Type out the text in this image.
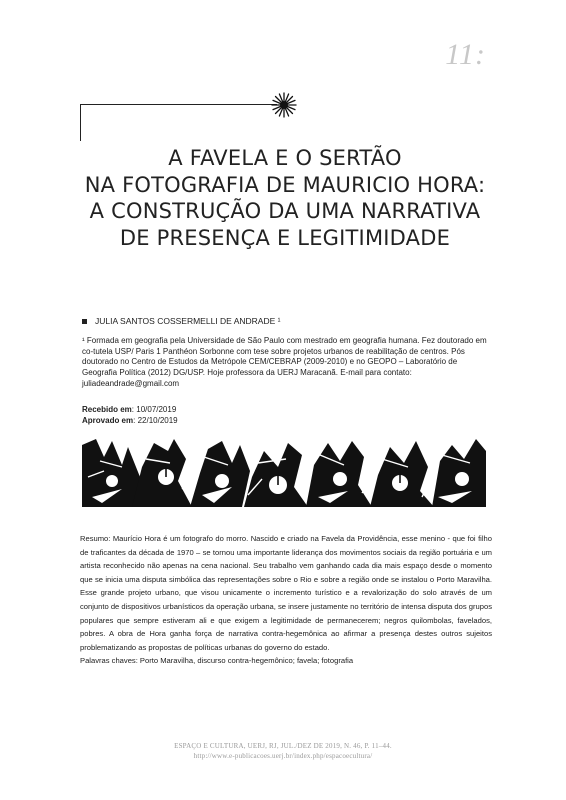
11:
A FAVELA E O SERTÃO
NA FOTOGRAFIA DE MAURICIO HORA:
A CONSTRUÇÃO DA UMA NARRATIVA
DE PRESENÇA E LEGITIMIDADE
JULIA SANTOS COSSERMELLI DE ANDRADE ¹
¹ Formada em geografia pela Universidade de São Paulo com mestrado em geografia humana. Fez doutorado em co-tutela USP/ Paris 1 Panthéon Sorbonne com tese sobre projetos urbanos de reabilitação de centros. Pós doutorado no Centro de Estudos da Metrópole CEM/CEBRAP (2009-2010) e no GEOPO – Laboratório de Geografia Política (2012) DG/USP. Hoje professora da UERJ Maracanã. E-mail para contato: juliadeandrade@gmail.com
Recebido em: 10/07/2019
Aprovado em: 22/10/2019

Resumo: Maurício Hora é um fotografo do morro. Nascido e criado na Favela da Providência, esse menino - que foi filho de traficantes da década de 1970 – se tornou uma importante liderança dos movimentos sociais da região portuária e um artista reconhecido não apenas na cena nacional. Seu trabalho vem ganhando cada dia mais espaço desde o momento que se inicia uma disputa simbólica das representações sobre o Rio e sobre a região onde se instalou o Porto Maravilha. Esse grande projeto urbano, que visou unicamente o incremento turístico e a revalorização do solo através de um conjunto de dispositivos urbanísticos da operação urbana, se insere justamente no território de intensa disputa dos grupos populares que sempre estiveram ali e que exigem a legitimidade de permanecerem; negros quilombolas, favelados, pobres. A obra de Hora ganha força de narrativa contra-hegemônica ao afirmar a presença destes outros sujeitos problematizando as propostas de políticas urbanas do governo do estado.

Palavras chaves: Porto Maravilha, discurso contra-hegemônico; favela; fotografia

ESPAÇO E CULTURA, UERJ, RJ, JUL./DEZ DE 2019, N. 46, P. 11–44.
http://www.e-publicacoes.uerj.br/index.php/espacoecultura/
